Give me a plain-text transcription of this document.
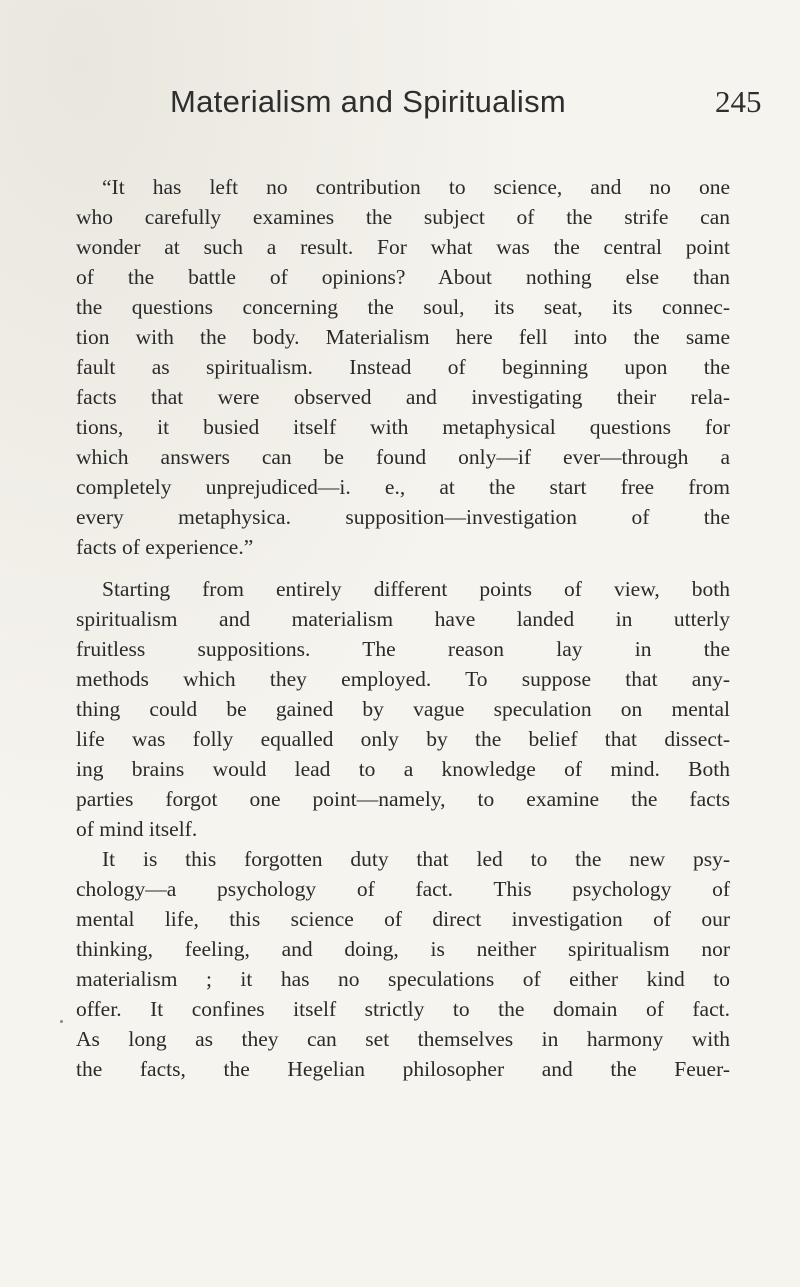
Materialism and Spiritualism	245
“It has left no contribution to science, and no one
who carefully examines the subject of the strife can
wonder at such a result. For what was the central point
of the battle of opinions? About nothing else than
the questions concerning the soul, its seat, its connec-
tion with the body. Materialism here fell into the same
fault as spiritualism. Instead of beginning upon the
facts that were observed and investigating their rela-
tions, it busied itself with metaphysical questions for
which answers can be found only—if ever—through a
completely unprejudiced—i. e., at the start free from
every metaphysica. supposition—investigation of the
facts of experience.”
Starting from entirely different points of view, both
spiritualism and materialism have landed in utterly
fruitless suppositions. The reason lay in the
methods which they employed. To suppose that any-
thing could be gained by vague speculation on mental
life was folly equalled only by the belief that dissect-
ing brains would lead to a knowledge of mind. Both
parties forgot one point—namely, to examine the facts
of mind itself.
It is this forgotten duty that led to the new psy-
chology—a psychology of fact. This psychology of
mental life, this science of direct investigation of our
thinking, feeling, and doing, is neither spiritualism nor
materialism ; it has no speculations of either kind to
offer. It confines itself strictly to the domain of fact.
As long as they can set themselves in harmony with
the facts, the Hegelian philosopher and the Feuer-
